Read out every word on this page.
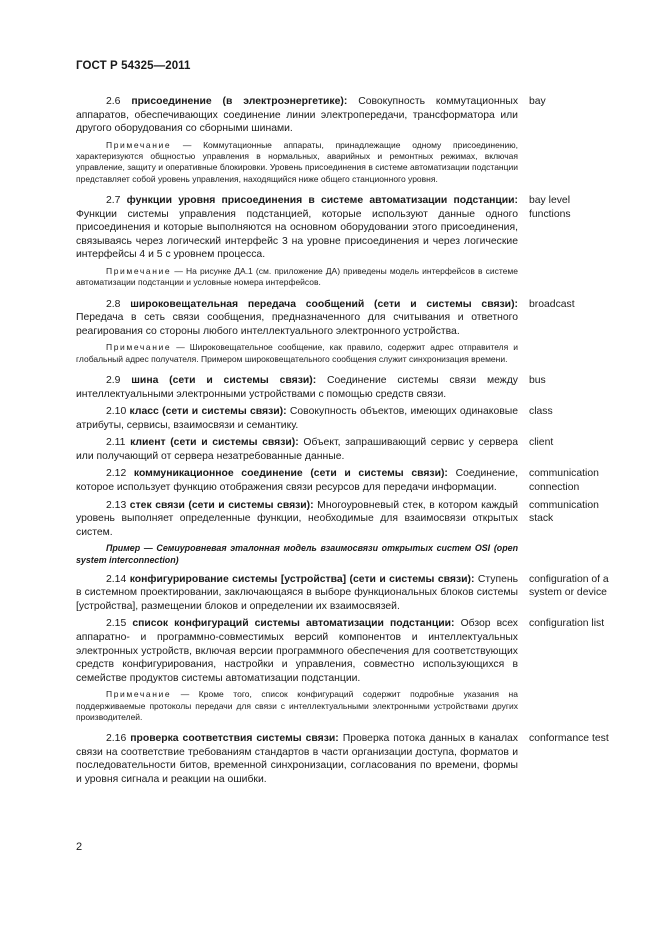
ГОСТ Р 54325—2011

2.6 присоединение (в электроэнергетике): Совокупность коммутационных аппаратов, обеспечивающих соединение линии электропередачи, трансформатора или другого оборудования со сборными шинами.

bay

Примечание — Коммутационные аппараты, принадлежащие одному присоединению, характеризуются общностью управления в нормальных, аварийных и ремонтных режимах, включая управление, защиту и оперативные блокировки. Уровень присоединения в системе автоматизации подстанции представляет собой уровень управления, находящийся ниже общего станционного уровня.

2.7 функции уровня присоединения в системе автоматизации подстанции: Функции системы управления подстанцией, которые используют данные одного присоединения и которые выполняются на основном оборудовании этого присоединения, связываясь через логический интерфейс 3 на уровне присоединения и через логические интерфейсы 4 и 5 с уровнем процесса.

bay level
functions

Примечание — На рисунке ДА.1 (см. приложение ДА) приведены модель интерфейсов в системе автоматизации подстанции и условные номера интерфейсов.

2.8 широковещательная передача сообщений (сети и системы связи): Передача в сеть связи сообщения, предназначенного для считывания и ответного реагирования со стороны любого интеллектуального электронного устройства.

broadcast

Примечание — Широковещательное сообщение, как правило, содержит адрес отправителя и глобальный адрес получателя. Примером широковещательного сообщения служит синхронизация времени.

2.9 шина (сети и системы связи): Соединение системы связи между интеллектуальными электронными устройствами с помощью средств связи.

bus

2.10 класс (сети и системы связи): Совокупность объектов, имеющих одинаковые атрибуты, сервисы, взаимосвязи и семантику.

class

2.11 клиент (сети и системы связи): Объект, запрашивающий сервис у сервера или получающий от сервера незатребованные данные.

client

2.12 коммуникационное соединение (сети и системы связи): Соединение, которое использует функцию отображения связи ресурсов для передачи информации.

communication
connection

2.13 стек связи (сети и системы связи): Многоуровневый стек, в котором каждый уровень выполняет определенные функции, необходимые для взаимосвязи открытых систем.

communication
stack

Пример — Семиуровневая эталонная модель взаимосвязи открытых систем OSI (open system interconnection)

2.14 конфигурирование системы [устройства] (сети и системы связи): Ступень в системном проектировании, заключающаяся в выборе функциональных блоков системы [устройства], размещении блоков и определении их взаимосвязей.

configuration of a
system or device

2.15 список конфигураций системы автоматизации подстанции: Обзор всех аппаратно- и программно-совместимых версий компонентов и интеллектуальных электронных устройств, включая версии программного обеспечения для соответствующих средств конфигурирования, настройки и управления, совместно использующихся в семействе продуктов системы автоматизации подстанции.

configuration list

Примечание — Кроме того, список конфигураций содержит подробные указания на поддерживаемые протоколы передачи для связи с интеллектуальными электронными устройствами других производителей.

2.16 проверка соответствия системы связи: Проверка потока данных в каналах связи на соответствие требованиям стандартов в части организации доступа, форматов и последовательности битов, временной синхронизации, согласования по времени, формы и уровня сигнала и реакции на ошибки.

conformance test
2
